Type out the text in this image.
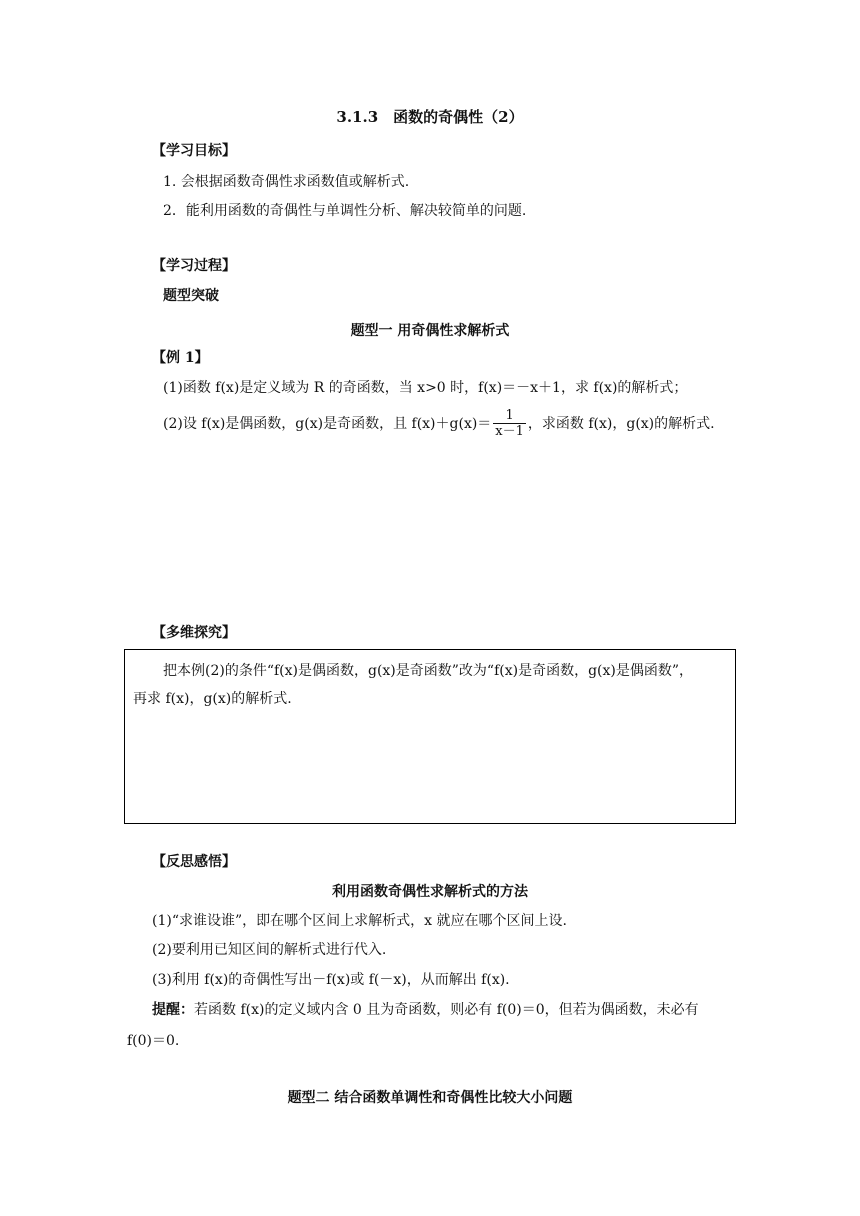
3.1.3　函数的奇偶性（2）
【学习目标】
1. 会根据函数奇偶性求函数值或解析式.
2．能利用函数的奇偶性与单调性分析、解决较简单的问题.
【学习过程】
题型突破
题型一 用奇偶性求解析式
【例 1】
(1)函数 f(x)是定义域为 R 的奇函数，当 x>0 时，f(x)＝－x＋1，求 f(x)的解析式；
(2)设 f(x)是偶函数，g(x)是奇函数，且 $f(x)+g(x)= \frac{1}{x-1}$ ，求函数 f(x)，g(x)的解析式.
【多维探究】
把本例(2)的条件“f(x)是偶函数，g(x)是奇函数”改为“f(x)是奇函数，g(x)是偶函数”，
再求 f(x)，g(x)的解析式.
【反思感悟】
利用函数奇偶性求解析式的方法
(1)“求谁设谁”，即在哪个区间上求解析式，x 就应在哪个区间上设.
(2)要利用已知区间的解析式进行代入.
(3)利用 f(x)的奇偶性写出－f(x)或 f(－x)，从而解出 f(x).
提醒：若函数 f(x)的定义域内含 0 且为奇函数，则必有 f(0)＝0，但若为偶函数，未必有
f(0)＝0.
题型二 结合函数单调性和奇偶性比较大小问题
